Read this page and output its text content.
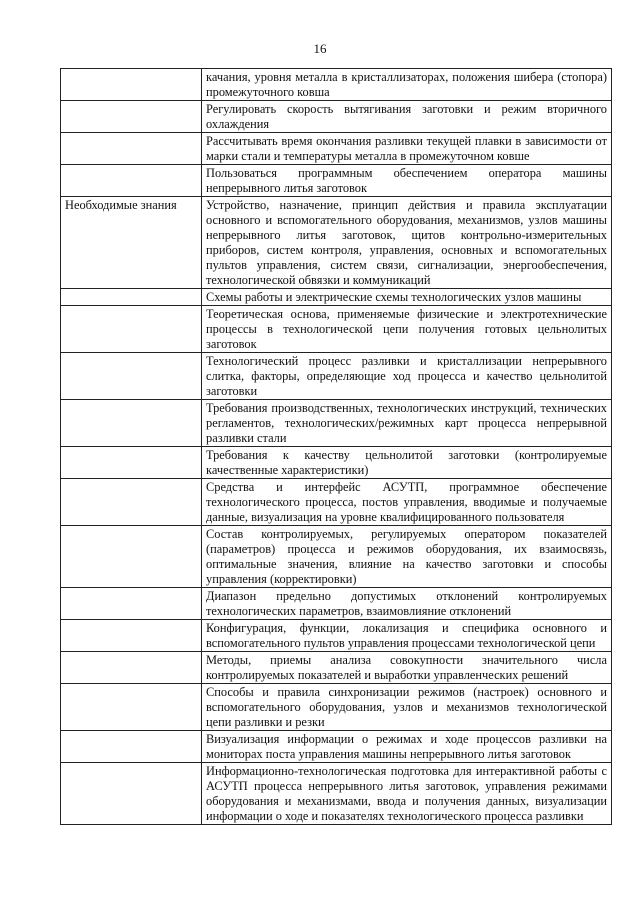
16
	качания, уровня металла в кристаллизаторах, положения шибера (стопора) промежуточного ковша
	Регулировать скорость вытягивания заготовки и режим вторичного охлаждения
	Рассчитывать время окончания разливки текущей плавки в зависимости от марки стали и температуры металла в промежуточном ковше
	Пользоваться программным обеспечением оператора машины непрерывного литья заготовок
Необходимые знания	Устройство, назначение, принцип действия и правила эксплуатации основного и вспомогательного оборудования, механизмов, узлов машины непрерывного литья заготовок, щитов контрольно-измерительных приборов, систем контроля, управления, основных и вспомогательных пультов управления, систем связи, сигнализации, энергообеспечения, технологической обвязки и коммуникаций
	Схемы работы и электрические схемы технологических узлов машины
	Теоретическая основа, применяемые физические и электротехнические процессы в технологической цепи получения готовых цельнолитых заготовок
	Технологический процесс разливки и кристаллизации непрерывного слитка, факторы, определяющие ход процесса и качество цельнолитой заготовки
	Требования производственных, технологических инструкций, технических регламентов, технологических/режимных карт процесса непрерывной разливки стали
	Требования к качеству цельнолитой заготовки (контролируемые качественные характеристики)
	Средства и интерфейс АСУТП, программное обеспечение технологического процесса, постов управления, вводимые и получаемые данные, визуализация на уровне квалифицированного пользователя
	Состав контролируемых, регулируемых оператором показателей (параметров) процесса и режимов оборудования, их взаимосвязь, оптимальные значения, влияние на качество заготовки и способы управления (корректировки)
	Диапазон предельно допустимых отклонений контролируемых технологических параметров, взаимовлияние отклонений
	Конфигурация, функции, локализация и специфика основного и вспомогательного пультов управления процессами технологической цепи
	Методы, приемы анализа совокупности значительного числа контролируемых показателей и выработки управленческих решений
	Способы и правила синхронизации режимов (настроек) основного и вспомогательного оборудования, узлов и механизмов технологической цепи разливки и резки
	Визуализация информации о режимах и ходе процессов разливки на мониторах поста управления машины непрерывного литья заготовок
	Информационно-технологическая подготовка для интерактивной работы с АСУТП процесса непрерывного литья заготовок, управления режимами оборудования и механизмами, ввода и получения данных, визуализации информации о ходе и показателях технологического процесса разливки
